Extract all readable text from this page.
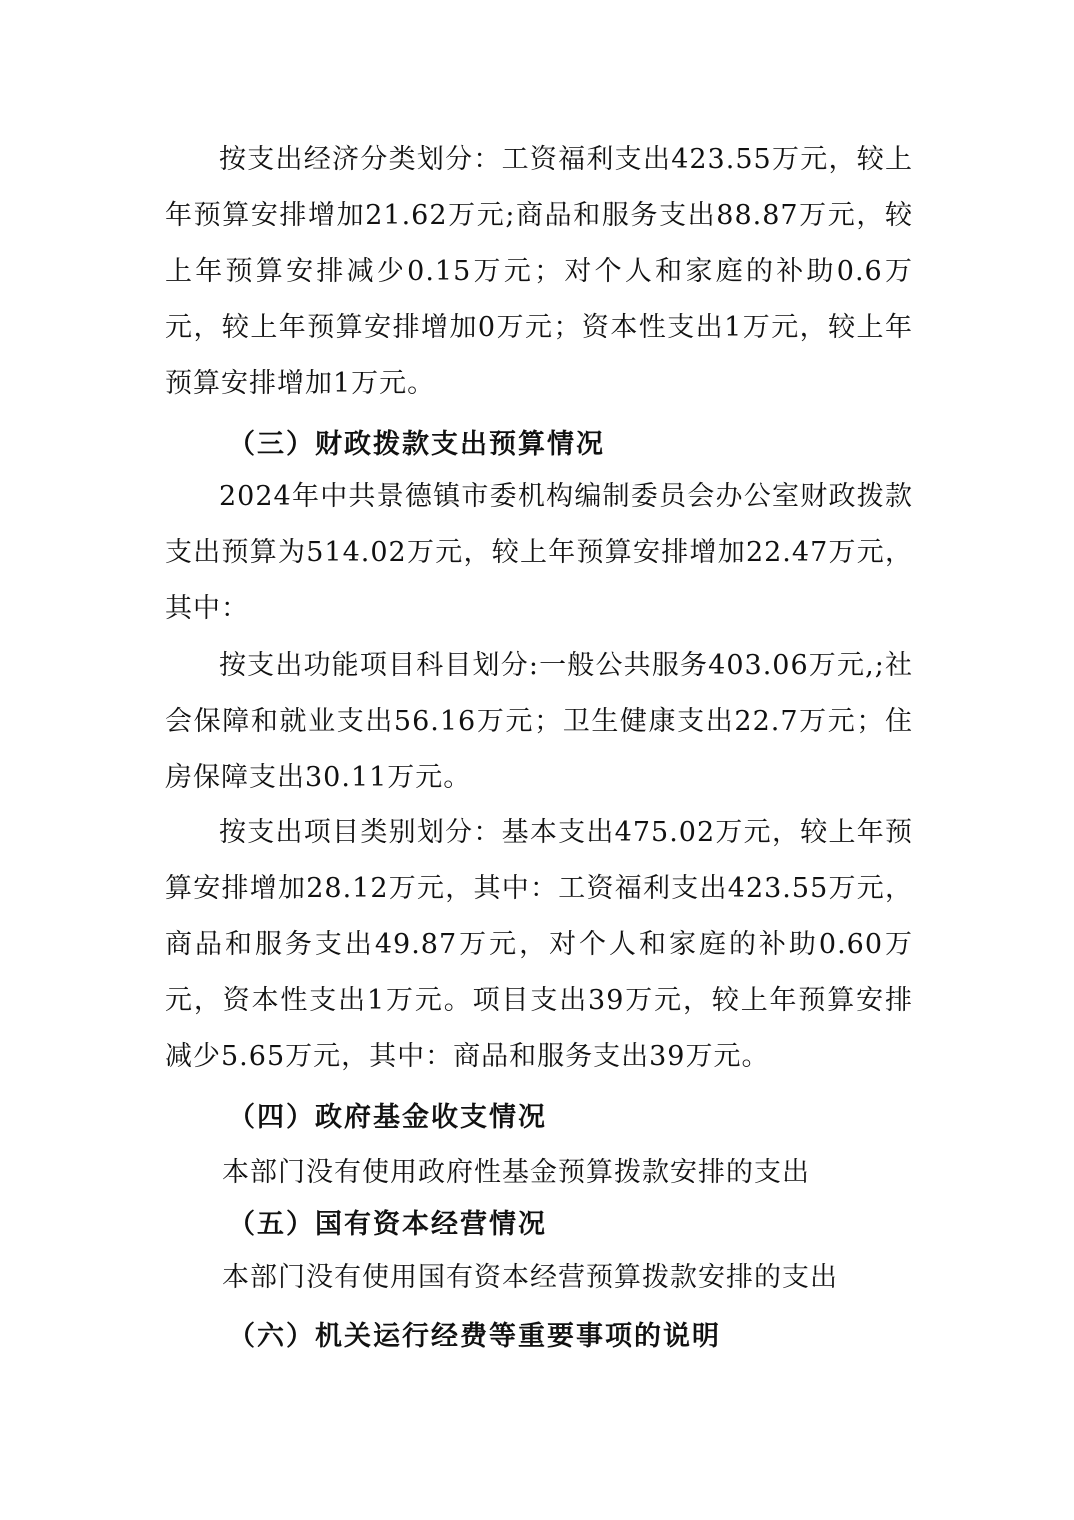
按支出经济分类划分：工资福利支出423.55万元，较上年预算安排增加21.62万元;商品和服务支出88.87万元，较上年预算安排减少0.15万元；对个人和家庭的补助0.6万元，较上年预算安排增加0万元；资本性支出1万元，较上年预算安排增加1万元。

（三）财政拨款支出预算情况

2024年中共景德镇市委机构编制委员会办公室财政拨款支出预算为514.02万元，较上年预算安排增加22.47万元，其中：

按支出功能项目科目划分:一般公共服务403.06万元,;社会保障和就业支出56.16万元；卫生健康支出22.7万元；住房保障支出30.11万元。

按支出项目类别划分：基本支出475.02万元，较上年预算安排增加28.12万元，其中：工资福利支出423.55万元，商品和服务支出49.87万元，对个人和家庭的补助0.60万元，资本性支出1万元。项目支出39万元，较上年预算安排减少5.65万元，其中：商品和服务支出39万元。

（四）政府基金收支情况

本部门没有使用政府性基金预算拨款安排的支出

（五）国有资本经营情况

本部门没有使用国有资本经营预算拨款安排的支出

（六）机关运行经费等重要事项的说明
